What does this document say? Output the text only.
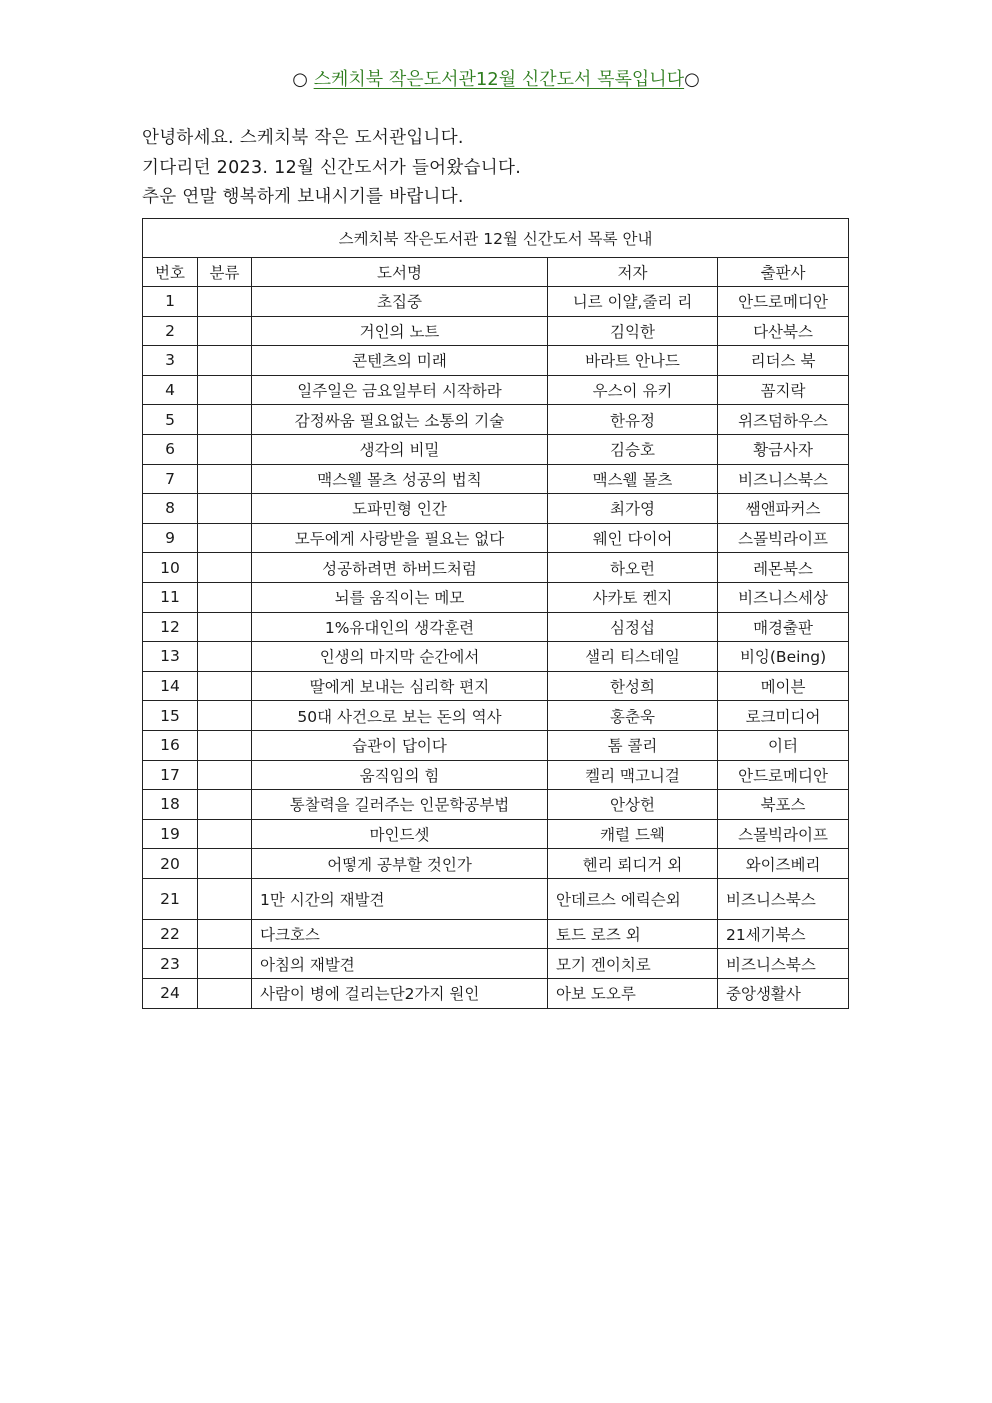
○ 스케치북 작은도서관12월 신간도서 목록입니다○
안녕하세요. 스케치북 작은 도서관입니다.
기다리던 2023. 12월 신간도서가 들어왔습니다.
추운 연말 행복하게 보내시기를 바랍니다.
스케치북 작은도서관 12월 신간도서 목록 안내				
번호	분류	도서명	저자	출판사
1		초집중	니르 이얄,줄리 리	안드로메디안
2		거인의 노트	김익한	다산북스
3		콘텐츠의 미래	바라트 안나드	리더스 북
4		일주일은 금요일부터 시작하라	우스이 유키	꼼지락
5		감정싸움 필요없는 소통의 기술	한유정	위즈덤하우스
6		생각의 비밀	김승호	황금사자
7		맥스웰 몰츠 성공의 법칙	맥스웰 몰츠	비즈니스북스
8		도파민형 인간	최가영	쌤앤파커스
9		모두에게 사랑받을 필요는 없다	웨인 다이어	스몰빅라이프
10		성공하려면 하버드처럼	하오런	레몬북스
11		뇌를 움직이는 메모	사카토 켄지	비즈니스세상
12		1%유대인의 생각훈련	심정섭	매경출판
13		인생의 마지막 순간에서	샐리 티스데일	비잉(Being)
14		딸에게 보내는 심리학 편지	한성희	메이븐
15		50대 사건으로 보는 돈의 역사	홍춘욱	로크미디어
16		습관이 답이다	톰 콜리	이터
17		움직임의 힘	켈리 맥고니걸	안드로메디안
18		통찰력을 길러주는 인문학공부법	안상헌	북포스
19		마인드셋	캐럴 드웩	스몰빅라이프
20		어떻게 공부할 것인가	헨리 뢰디거 외	와이즈베리
21		1만 시간의 재발견	안데르스 에릭슨외	비즈니스북스
22		다크호스	토드 로즈 외	21세기북스
23		아침의 재발견	모기 겐이치로	비즈니스북스
24		사람이 병에 걸리는단2가지 원인	아보 도오루	중앙생활사
